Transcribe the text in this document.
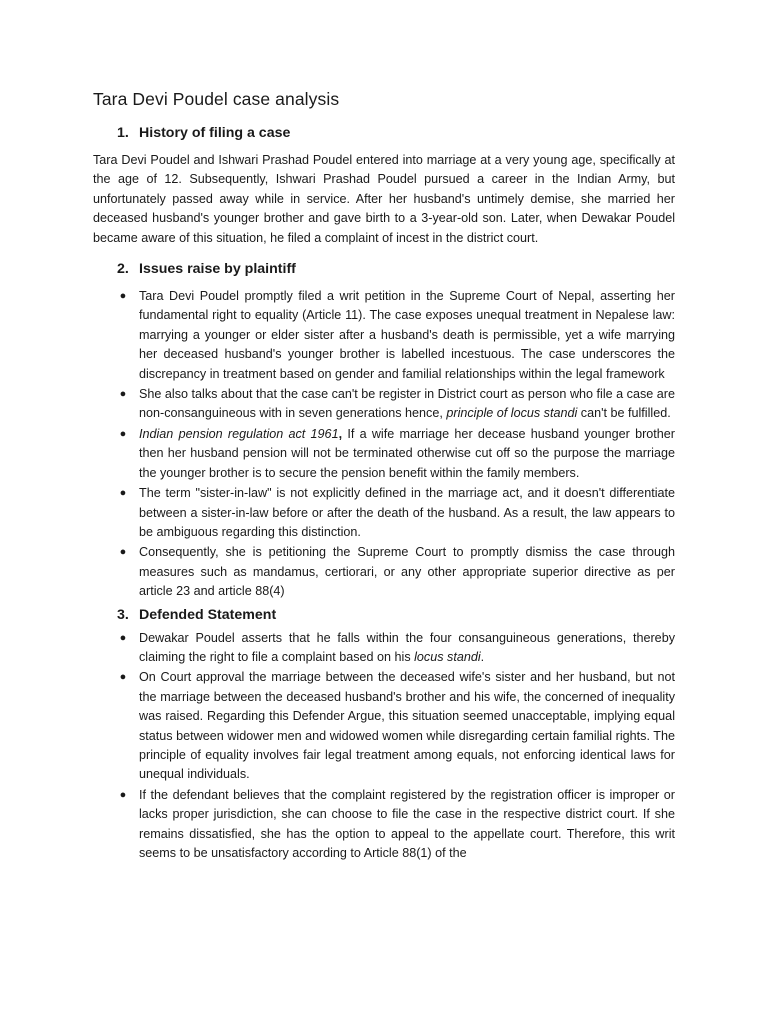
Tara Devi Poudel case analysis
1. History of filing a case

Tara Devi Poudel and Ishwari Prashad Poudel entered into marriage at a very young age, specifically at the age of 12. Subsequently, Ishwari Prashad Poudel pursued a career in the Indian Army, but unfortunately passed away while in service. After her husband's untimely demise, she married her deceased husband's younger brother and gave birth to a 3-year-old son. Later, when Dewakar Poudel became aware of this situation, he filed a complaint of incest in the district court.

2. Issues raise by plaintiff
● Tara Devi Poudel promptly filed a writ petition in the Supreme Court of Nepal, asserting her fundamental right to equality (Article 11). The case exposes unequal treatment in Nepalese law: marrying a younger or elder sister after a husband's death is permissible, yet a wife marrying her deceased husband's younger brother is labelled incestuous. The case underscores the discrepancy in treatment based on gender and familial relationships within the legal framework
● She also talks about that the case can't be register in District court as person who file a case are non-consanguineous with in seven generations hence, principle of locus standi can't be fulfilled.
● Indian pension regulation act 1961, If a wife marriage her decease husband younger brother then her husband pension will not be terminated otherwise cut off so the purpose the marriage the younger brother is to secure the pension benefit within the family members.
● The term "sister-in-law" is not explicitly defined in the marriage act, and it doesn't differentiate between a sister-in-law before or after the death of the husband. As a result, the law appears to be ambiguous regarding this distinction.
● Consequently, she is petitioning the Supreme Court to promptly dismiss the case through measures such as mandamus, certiorari, or any other appropriate superior directive as per article 23 and article 88(4)
3. Defended Statement
● Dewakar Poudel asserts that he falls within the four consanguineous generations, thereby claiming the right to file a complaint based on his locus standi.
● On Court approval the marriage between the deceased wife's sister and her husband, but not the marriage between the deceased husband's brother and his wife, the concerned of inequality was raised. Regarding this Defender Argue, this situation seemed unacceptable, implying equal status between widower men and widowed women while disregarding certain familial rights. The principle of equality involves fair legal treatment among equals, not enforcing identical laws for unequal individuals.
● If the defendant believes that the complaint registered by the registration officer is improper or lacks proper jurisdiction, she can choose to file the case in the respective district court. If she remains dissatisfied, she has the option to appeal to the appellate court. Therefore, this writ seems to be unsatisfactory according to Article 88(1) of the
